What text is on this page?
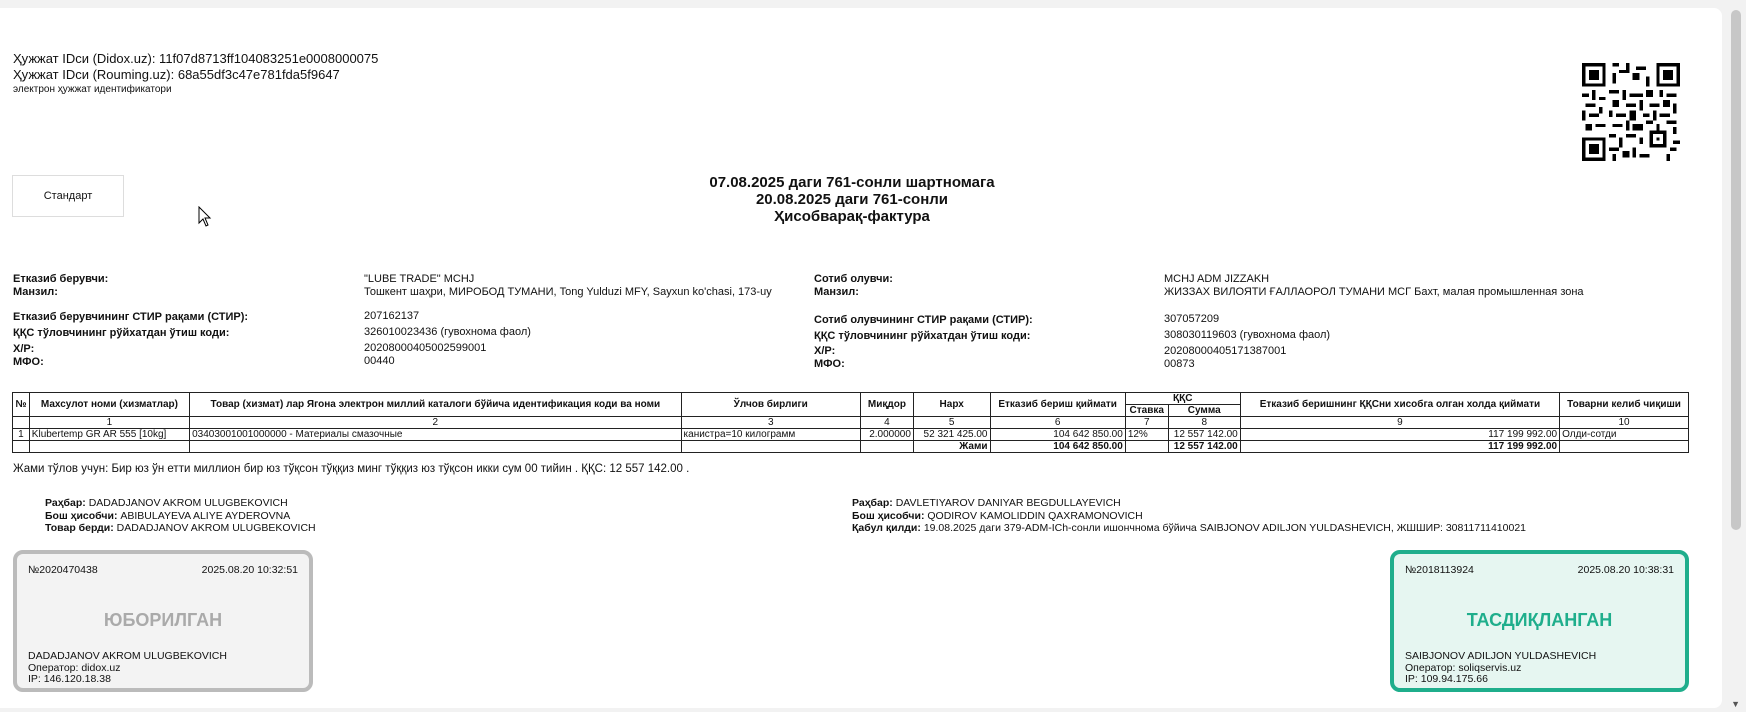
Ҳужжат IDси (Didox.uz): 11f07d8713ff104083251e0008000075
Ҳужжат IDси (Rouming.uz): 68a55df3c47e781fda5f9647
электрон ҳужжат идентификатори
Стандарт
07.08.2025 даги 761-сонли шартномага
20.08.2025 даги 761-сонли
Ҳисобварақ-фактура
Етказиб берувчи:	"LUBE TRADE" MCHJ
Манзил:	Тошкент шаҳри, МИРОБОД ТУМАНИ, Tong Yulduzi MFY, Sayxun ko'chasi, 173-uy
Етказиб берувчининг СТИР рақами (СТИР):	207162137
ҚҚС тўловчининг рўйхатдан ўтиш коди:	326010023436 (гувохнома фаол)
Х/Р:	20208000405002599001
МФО:	00440
Сотиб олувчи:	MCHJ ADM JIZZAKH
Манзил:	ЖИЗЗАХ ВИЛОЯТИ ҒАЛЛАОРОЛ ТУМАНИ МСГ Бахт, малая промышленная зона
Сотиб олувчининг СТИР рақами (СТИР):	307057209
ҚҚС тўловчининг рўйхатдан ўтиш коди:	308030119603 (гувохнома фаол)
Х/Р:	20208000405171387001
МФО:	00873
№	Махсулот номи (хизматлар)	Товар (хизмат) лар Ягона электрон миллий каталоги бўйича идентификация коди ва номи	Ўлчов бирлиги	Миқдор	Нарх	Етказиб бериш қиймати	ҚҚС		Етказиб беришнинг ҚҚСни хисобга олган холда қиймати	Товарни келиб чиқиши
							Ставка	Сумма		
	1	2	3	4	5	6	7	8	9	10
1	Klubertemp GR AR 555 [10kg]	03403001001000000 - Материалы смазочные	канистра=10 килограмм	2.000000	52 321 425.00	104 642 850.00	12%	12 557 142.00	117 199 992.00	Олди-сотди
					Жами	104 642 850.00		12 557 142.00	117 199 992.00	
Жами тўлов учун: Бир юз ўн етти миллион бир юз тўқсон тўққиз минг тўққиз юз тўқсон икки сум 00 тийин . ҚҚС: 12 557 142.00 .
Раҳбар: DADADJANOV AKROM ULUGBEKOVICH
Бош ҳисобчи: ABIBULAYEVA ALIYE AYDEROVNA
Товар берди: DADADJANOV AKROM ULUGBEKOVICH
Раҳбар: DAVLETIYAROV DANIYAR BEGDULLAYEVICH
Бош ҳисобчи: QODIROV KAMOLIDDIN QAXRAMONOVICH
Қабул қилди: 19.08.2025 даги 379-ADM-ICh-сонли ишончнома бўйича SAIBJONOV ADILJON YULDASHEVICH, ЖШШИР: 30811711410021
№2020470438	2025.08.20 10:32:51
ЮБОРИЛГАН
DADADJANOV AKROM ULUGBEKOVICH
Оператор: didox.uz
IP: 146.120.18.38
№2018113924	2025.08.20 10:38:31
ТАСДИҚЛАНГАН
SAIBJONOV ADILJON YULDASHEVICH
Оператор: soliqservis.uz
IP: 109.94.175.66
▼
